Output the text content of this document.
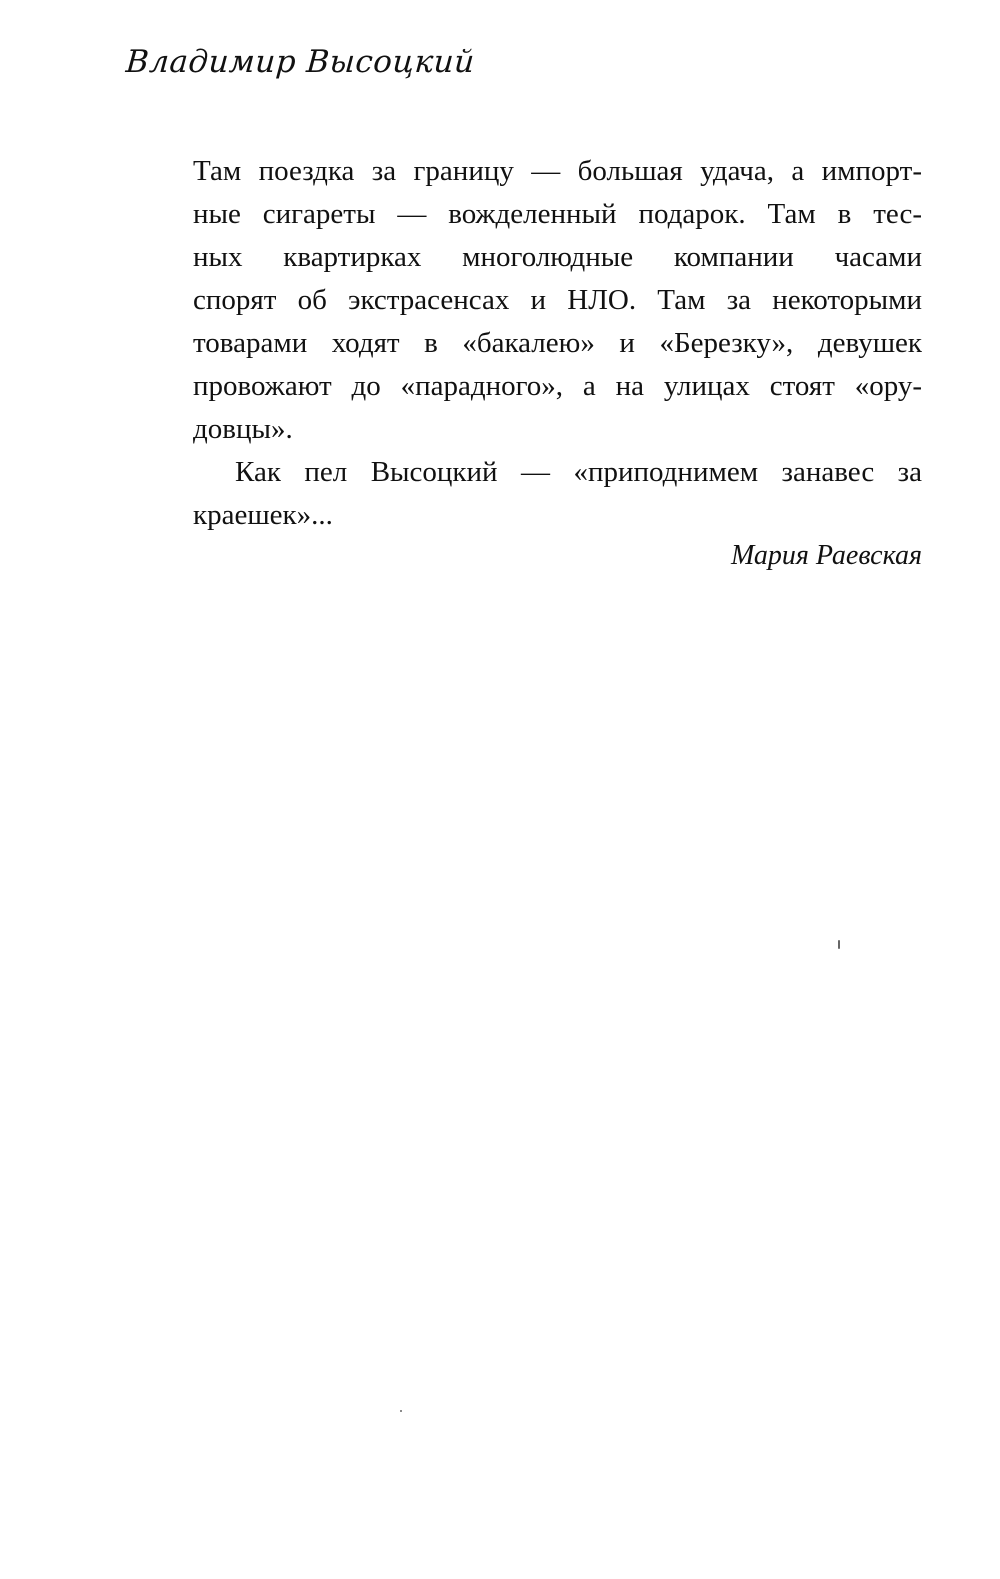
Владимир Высоцкий

Там поездка за границу — большая удача, а импорт-
ные сигареты — вожделенный подарок. Там в тес-
ных квартирках многолюдные компании часами
спорят об экстрасенсах и НЛО. Там за некоторыми
товарами ходят в «бакалею» и «Березку», девушек
провожают до «парадного», а на улицах стоят «ору-
довцы».

Как пел Высоцкий — «приподнимем занавес за
краешек»...

Мария Раевская
